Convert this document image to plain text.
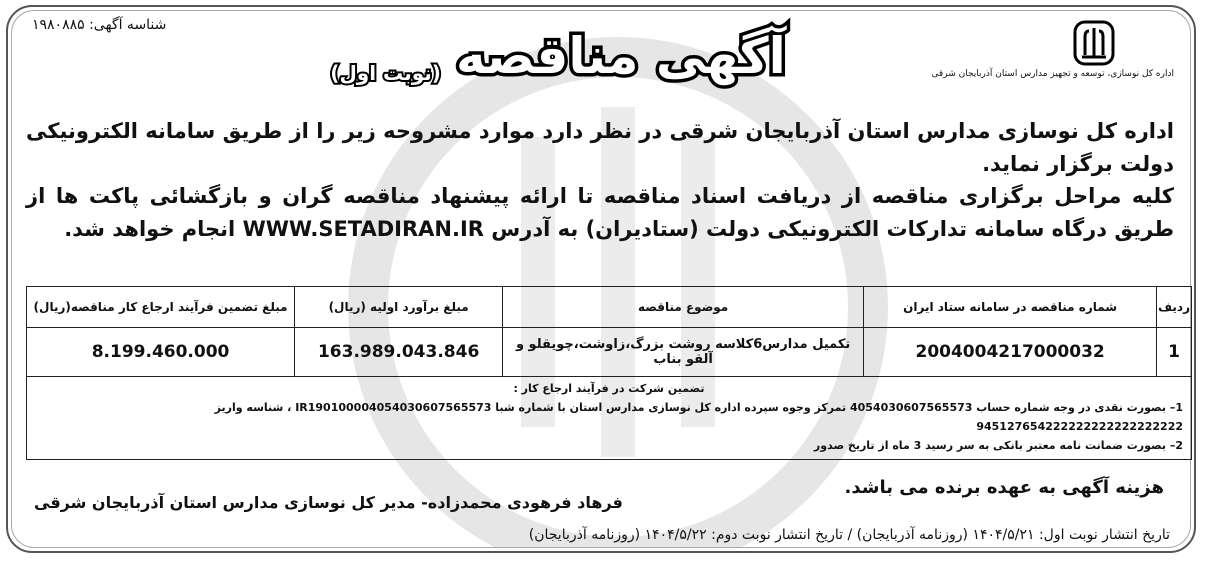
شناسه آگهی: ۱۹۸۰۸۸۵
اداره کل نوسازی، توسعه و تجهیز مدارس استان آذربایجان شرقی
آگهی مناقصه (نوبت اول)

اداره کل نوسازی مدارس استان آذربایجان شرقی در نظر دارد موارد مشروحه زیر را از طریق سامانه الکترونیکی دولت برگزار نماید.

کلیه مراحل برگزاری مناقصه از دریافت اسناد مناقصه تا ارائه پیشنهاد مناقصه گران و بازگشائی پاکت ها از طریق درگاه سامانه تدارکات الکترونیکی دولت (ستادیران) به آدرس WWW.SETADIRAN.IR انجام خواهد شد.

ردیف	شماره مناقصه در سامانه ستاد ایران	موضوع مناقصه	مبلغ برآورد اولیه (ریال)	مبلغ تضمین فرآیند ارجاع کار مناقصه(ریال)
1	2004004217000032	تکمیل مدارس6کلاسه روشت بزرگ،زاوشت،چویقلو و آلقو بناب	163.989.043.846	8.199.460.000

تضمین شرکت در فرآیند ارجاع کار :
1– بصورت نقدی در وجه شماره حساب 4054030607565573 تمرکز وجوه سپرده اداره کل نوسازی مدارس استان با شماره شبا IR190100004054030607565573 ، شناسه واریز 945127654222222222222222222
2– بصورت ضمانت نامه معتبر بانکی به سر رسید 3 ماه از تاریخ صدور				
هزینه آگهی به عهده برنده می باشد.
فرهاد فرهودی محمدزاده- مدیر کل نوسازی مدارس استان آذربایجان شرقی
تاریخ انتشار نوبت اول: ۱۴۰۴/۵/۲۱ (روزنامه آذربایجان) / تاریخ انتشار نوبت دوم: ۱۴۰۴/۵/۲۲ (روزنامه آذربایجان)
